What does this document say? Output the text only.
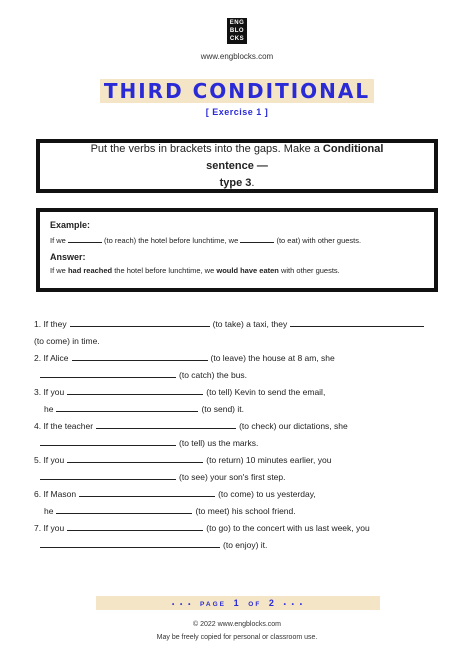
ENG
BLO
CKS
www.engblocks.com
THIRD CONDITIONAL
[ Exercise 1 ]
Put the verbs in brackets into the gaps. Make a Conditional sentence —
type 3.
Example:
If we	(to reach) the hotel before lunchtime, we	(to eat) with other guests.
Answer:
If we had reached the hotel before lunchtime, we would have eaten with other guests.
1. If they	(to take) a taxi, they
(to come) in time.
2. If Alice	(to leave) the house at 8 am, she
(to catch) the bus.
3. If you	(to tell) Kevin to send the email,
he	(to send) it.
4. If the teacher	(to check) our dictations, she
(to tell) us the marks.
5. If you	(to return) 10 minutes earlier, you
(to see) your son's first step.
6. If Mason	(to come) to us yesterday,
he	(to meet) his school friend.
7. If you	(to go) to the concert with us last week, you
(to enjoy) it.
• • • PAGE 1 OF 2 • • •
© 2022 www.engblocks.com
May be freely copied for personal or classroom use.
